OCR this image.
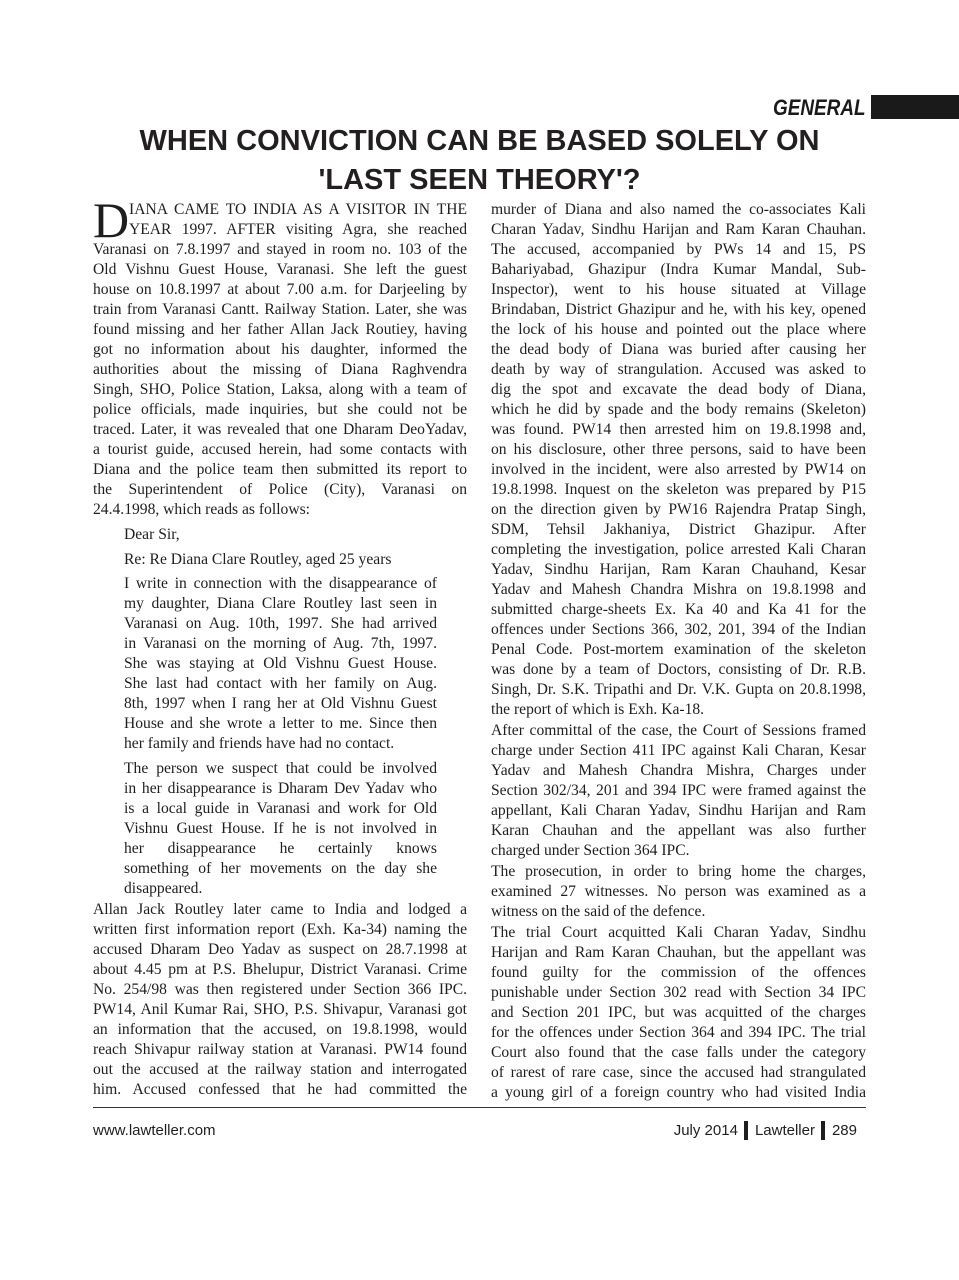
GENERAL
WHEN CONVICTION CAN BE BASED SOLELY ON
'LAST SEEN THEORY'?
D IANA CAME TO INDIA AS A VISITOR IN THE
YEAR 1997. AFTER visiting Agra, she reached
Varanasi on 7.8.1997 and stayed in room no. 103 of the
Old Vishnu Guest House, Varanasi. She left the guest
house on 10.8.1997 at about 7.00 a.m. for Darjeeling by
train from Varanasi Cantt. Railway Station. Later, she was
found missing and her father Allan Jack Routiey, having
got no information about his daughter, informed the
authorities about the missing of Diana Raghvendra
Singh, SHO, Police Station, Laksa, along with a team of
police officials, made inquiries, but she could not be
traced. Later, it was revealed that one Dharam DeoYadav,
a tourist guide, accused herein, had some contacts with
Diana and the police team then submitted its report to
the Superintendent of Police (City), Varanasi on
24.4.1998, which reads as follows:
Dear Sir,
Re: Re Diana Clare Routley, aged 25 years
I write in connection with the disappearance of
my daughter, Diana Clare Routley last seen in
Varanasi on Aug. 10th, 1997. She had arrived
in Varanasi on the morning of Aug. 7th, 1997.
She was staying at Old Vishnu Guest House.
She last had contact with her family on Aug.
8th, 1997 when I rang her at Old Vishnu Guest
House and she wrote a letter to me. Since then
her family and friends have had no contact.
The person we suspect that could be involved
in her disappearance is Dharam Dev Yadav who
is a local guide in Varanasi and work for Old
Vishnu Guest House. If he is not involved in
her disappearance he certainly knows
something of her movements on the day she
disappeared.
Allan Jack Routley later came to India and lodged a
written first information report (Exh. Ka-34) naming the
accused Dharam Deo Yadav as suspect on 28.7.1998 at
about 4.45 pm at P.S. Bhelupur, District Varanasi. Crime
No. 254/98 was then registered under Section 366 IPC.
PW14, Anil Kumar Rai, SHO, P.S. Shivapur, Varanasi got
an information that the accused, on 19.8.1998, would
reach Shivapur railway station at Varanasi. PW14 found
out the accused at the railway station and interrogated
him. Accused confessed that he had committed the
murder of Diana and also named the co-associates Kali
Charan Yadav, Sindhu Harijan and Ram Karan Chauhan.
The accused, accompanied by PWs 14 and 15, PS
Bahariyabad, Ghazipur (Indra Kumar Mandal, Sub-
Inspector), went to his house situated at Village
Brindaban, District Ghazipur and he, with his key, opened
the lock of his house and pointed out the place where
the dead body of Diana was buried after causing her
death by way of strangulation. Accused was asked to
dig the spot and excavate the dead body of Diana,
which he did by spade and the body remains (Skeleton)
was found. PW14 then arrested him on 19.8.1998 and,
on his disclosure, other three persons, said to have been
involved in the incident, were also arrested by PW14 on
19.8.1998. Inquest on the skeleton was prepared by P15
on the direction given by PW16 Rajendra Pratap Singh,
SDM, Tehsil Jakhaniya, District Ghazipur. After
completing the investigation, police arrested Kali Charan
Yadav, Sindhu Harijan, Ram Karan Chauhand, Kesar
Yadav and Mahesh Chandra Mishra on 19.8.1998 and
submitted charge-sheets Ex. Ka 40 and Ka 41 for the
offences under Sections 366, 302, 201, 394 of the Indian
Penal Code. Post-mortem examination of the skeleton
was done by a team of Doctors, consisting of Dr. R.B.
Singh, Dr. S.K. Tripathi and Dr. V.K. Gupta on 20.8.1998,
the report of which is Exh. Ka-18.
After committal of the case, the Court of Sessions framed
charge under Section 411 IPC against Kali Charan, Kesar
Yadav and Mahesh Chandra Mishra, Charges under
Section 302/34, 201 and 394 IPC were framed against the
appellant, Kali Charan Yadav, Sindhu Harijan and Ram
Karan Chauhan and the appellant was also further
charged under Section 364 IPC.
The prosecution, in order to bring home the charges,
examined 27 witnesses. No person was examined as a
witness on the said of the defence.
The trial Court acquitted Kali Charan Yadav, Sindhu
Harijan and Ram Karan Chauhan, but the appellant was
found guilty for the commission of the offences
punishable under Section 302 read with Section 34 IPC
and Section 201 IPC, but was acquitted of the charges
for the offences under Section 364 and 394 IPC. The trial
Court also found that the case falls under the category
of rarest of rare case, since the accused had strangulated
a young girl of a foreign country who had visited India
www.lawteller.com	July 2014 Lawteller 289
